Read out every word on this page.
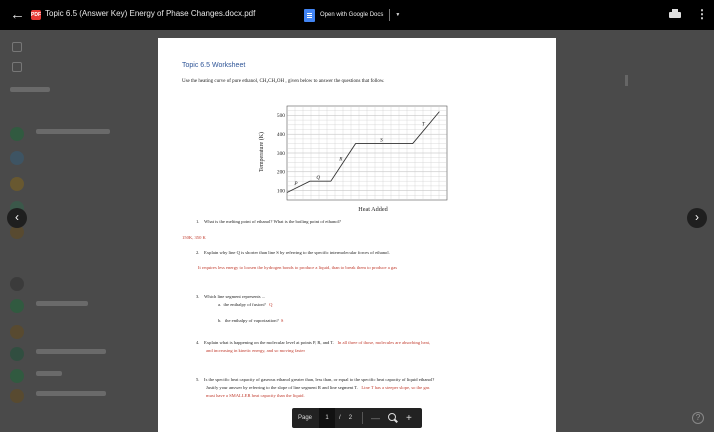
← PDF Topic 6.5 (Answer Key) Energy of Phase Changes.docx.pdf	Open with Google Docs ▼	⋮
‹	›
?
Topic 6.5 Worksheet
Use the heating curve of pure ethanol, CH₃CH₂OH , given below to answer the questions that follow.
100
200
300
400
500
P
Q
R
S
T
Heat Added
Temperature (K)
1. What is the melting point of ethanol? What is the boiling point of ethanol?
150K, 350 K
2. Explain why line Q is shorter than line S by referring to the specific intermolecular forces of ethanol.
It requires less energy to loosen the hydrogen bonds to produce a liquid, than to break them to produce a gas
3. Which line segment represents ...
a. the enthalpy of fusion? Q
b. the enthalpy of vaporization? S
4. Explain what is happening on the molecular level at points P, R, and T. In all three of those, molecules are absorbing heat,
and increasing in kinetic energy, and so moving faster
5. Is the specific heat capacity of gaseous ethanol greater than, less than, or equal to the specific heat capacity of liquid ethanol?
Justify your answer by referring to the slope of line segment R and line segment T. Line T has a steeper slope, so the gas
must have a SMALLER heat capacity than the liquid.
Page	1	/ 2 —	+
